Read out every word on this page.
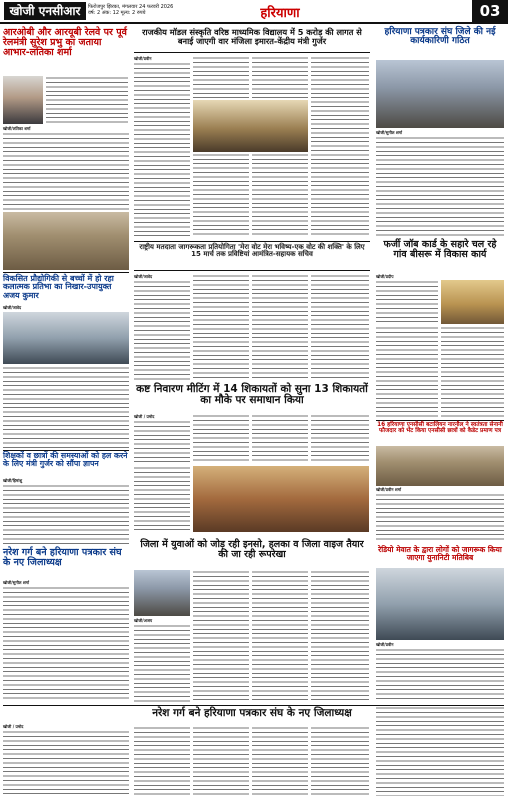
खोजी एनसीआर	फिरोजपुर झिरका, मंगलवार 24 फरवरी 2026
वर्ष: 2 अंक: 12 मूल्य: 2 रुपये	हरियाणा	03
आरओबी और आरयूबी रेलवे पर पूर्व रेलमंत्री सुरेश प्रभु का जताया आभार-लतिका शर्मा
खोजी/लतिका शर्मा
राजकीय मॉडल संस्कृति वरिष्ठ माध्यमिक विद्यालय में 5 करोड़ की लागत से बनाई जाएगी वार मंजिला इमारत-केंद्रीय मंत्री गुर्जर
खोजी/प्रवीन
हरियाणा पत्रकार संघ जिले की नई कार्यकारिणी गठित
खोजी/सुनील शर्मा
विकसित प्रौद्योगिकी से बच्चों में हो रहा कलात्मक प्रतिभा का निखार-उपायुक्त अजय कुमार
खोजी/जावेद
राष्ट्रीय मतदाता जागरूकता प्रतियोगिता 'मेरा वोट मेरा भविष्य-एक वोट की शक्ति' के लिए 15 मार्च तक प्रविष्टियां आमंत्रित-सहायक सचिव
खोजी/जावेद
फर्जी जॉब कार्ड के सहारे चल रहे गांव बीसरू में विकास कार्य
खोजी/प्रदीप
शिक्षकों व छात्रों की समस्याओं को हल करने के लिए मंत्री गुर्जर को सौंपा ज्ञापन
खोजी/हिमांशु
कष्ट निवारण मीटिंग में 14 शिकायतों को सुना 13 शिकायतों का मौके पर समाधान किया
खोजी / प्रमोद
16 हरियाणा एनसीसी बटालियन नारनौल ने स्वतंत्रता सेनानी फौजदार को भेंट किया एनसीसी छात्रों को कैडेट प्रमाण पत्र
खोजी/प्रवीन शर्मा
नरेश गर्ग बने हरियाणा पत्रकार संघ के नए जिलाध्यक्ष
खोजी/सुनील शर्मा
जिला में युवाओं को जोड़ रही इनसो, हलका व जिला वाइज तैयार की जा रही रूपरेखा
खोजी/अजय
रेडियो मेवात के द्वारा लोगों को जागरूक किया जाएगा युनानिटी मतिबिब
खोजी/प्रवीन
नरेश गर्ग बने हरियाणा पत्रकार संघ के नए जिलाध्यक्ष
खोजी / प्रमोद
